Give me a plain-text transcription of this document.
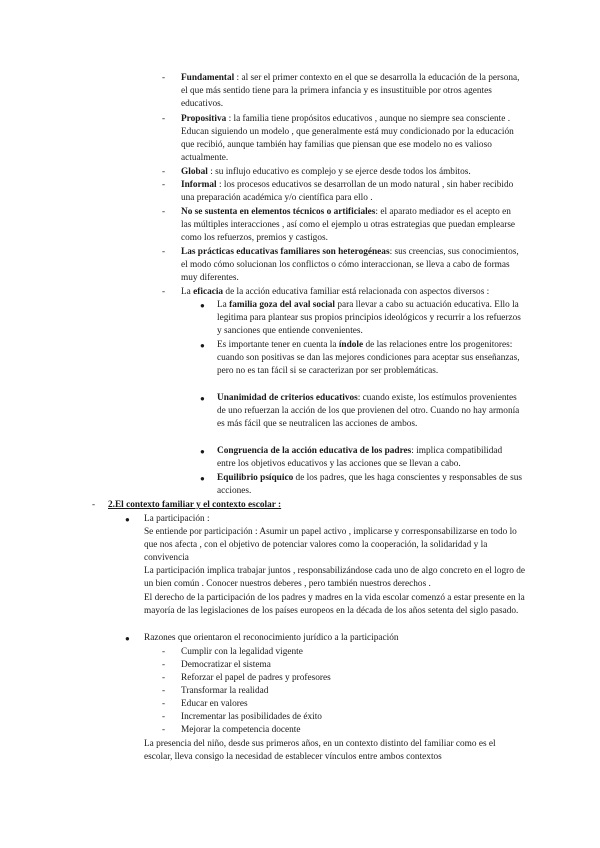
- Fundamental : al ser el primer contexto en el que se desarrolla la educación de la persona, el que más sentido tiene para la primera infancia y es insustituible por otros agentes educativos.

- Propositiva : la familia tiene propósitos educativos , aunque no siempre sea consciente . Educan siguiendo un modelo , que generalmente está muy condicionado por la educación que recibió, aunque también hay familias que piensan que ese modelo no es valioso actualmente.

- Global : su influjo educativo es complejo y se ejerce desde todos los ámbitos.

- Informal : los procesos educativos se desarrollan de un modo natural , sin haber recibido una preparación académica y/o científica para ello .

- No se sustenta en elementos técnicos o artificiales: el aparato mediador es el acepto en las múltiples interacciones , así como el ejemplo u otras estrategias que puedan emplearse como los refuerzos, premios y castigos.

- Las prácticas educativas familiares son heterogéneas: sus creencias, sus conocimientos, el modo cómo solucionan los conflictos o cómo interaccionan, se lleva a cabo de formas muy diferentes.

- La eficacia de la acción educativa familiar está relacionada con aspectos diversos :

● La familia goza del aval social para llevar a cabo su actuación educativa. Ello la legitima para plantear sus propios principios ideológicos y recurrir a los refuerzos y sanciones que entiende convenientes.

● Es importante tener en cuenta la índole de las relaciones entre los progenitores: cuando son positivas se dan las mejores condiciones para aceptar sus enseñanzas, pero no es tan fácil si se caracterizan por ser problemáticas.

● Unanimidad de criterios educativos: cuando existe, los estímulos provenientes de uno refuerzan la acción de los que provienen del otro. Cuando no hay armonía es más fácil que se neutralicen las acciones de ambos.

● Congruencia de la acción educativa de los padres: implica compatibilidad entre los objetivos educativos y las acciones que se llevan a cabo.

● Equilibrio psíquico de los padres, que les haga conscientes y responsables de sus acciones.

- 2.El contexto familiar y el contexto escolar :

● La participación :

Se entiende por participación : Asumir un papel activo , implicarse y corresponsabilizarse en todo lo que nos afecta , con el objetivo de potenciar valores como la cooperación, la solidaridad y la convivencia

La participación implica trabajar juntos , responsabilizándose cada uno de algo concreto en el logro de un bien común . Conocer nuestros deberes , pero también nuestros derechos .

El derecho de la participación de los padres y madres en la vida escolar comenzó a estar presente en la mayoría de las legislaciones de los países europeos en la década de los años setenta del siglo pasado.

● Razones que orientaron el reconocimiento jurídico a la participación

- Cumplir con la legalidad vigente

- Democratizar el sistema

- Reforzar el papel de padres y profesores

- Transformar la realidad

- Educar en valores

- Incrementar las posibilidades de éxito

- Mejorar la competencia docente

La presencia del niño, desde sus primeros años, en un contexto distinto del familiar como es el escolar, lleva consigo la necesidad de establecer vínculos entre ambos contextos
